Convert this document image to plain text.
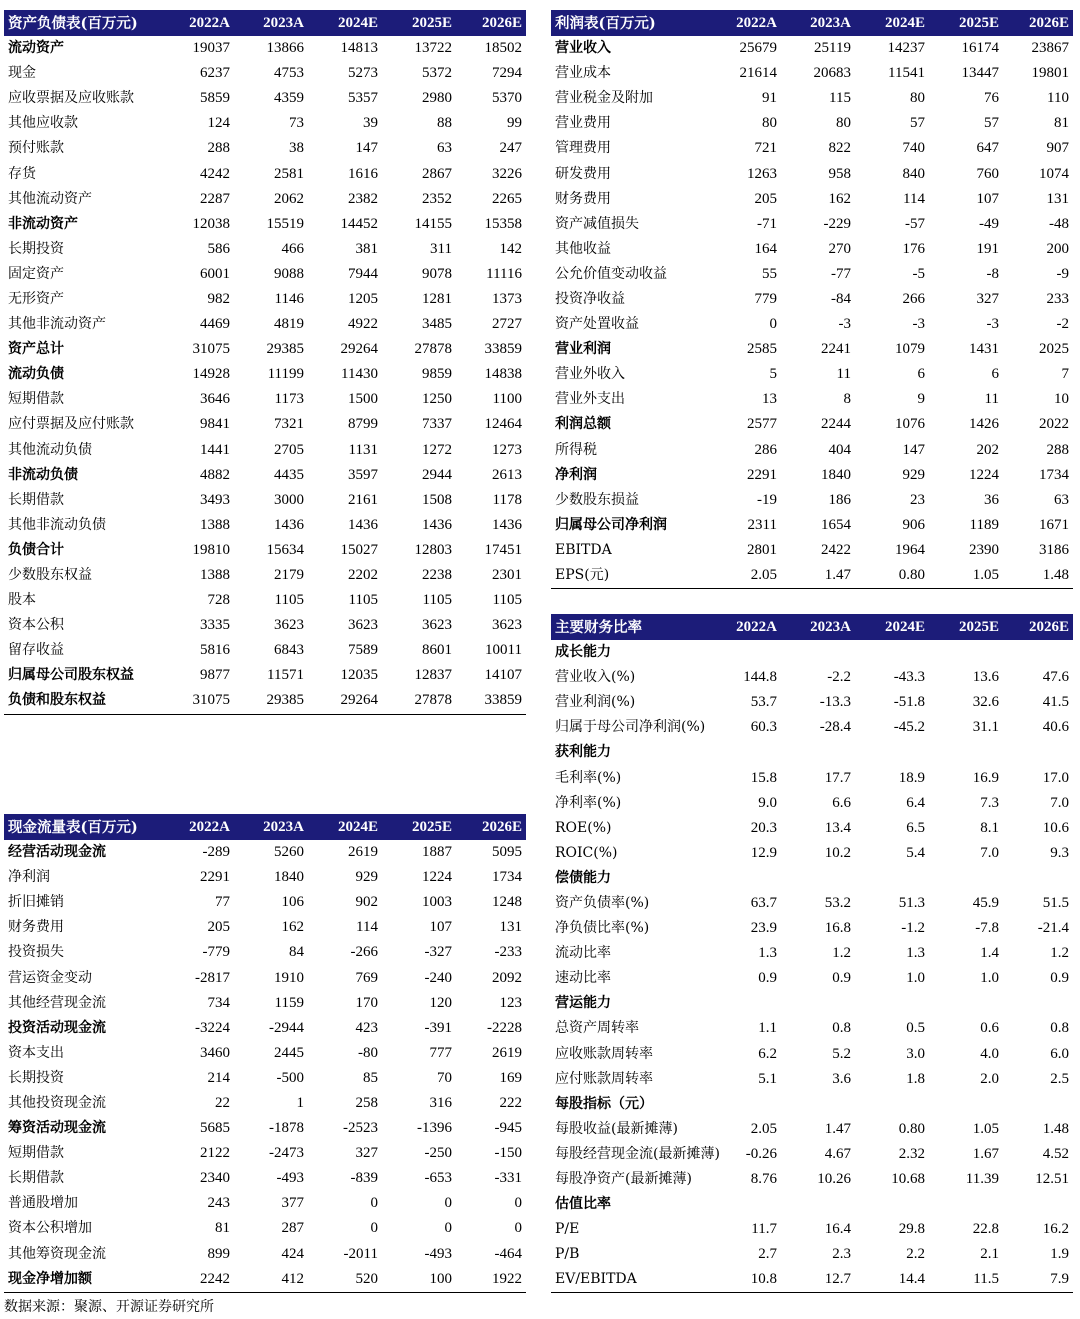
资产负债表(百万元)	2022A	2023A	2024E	2025E	2026E
流动资产	19037	13866	14813	13722	18502
现金	6237	4753	5273	5372	7294
应收票据及应收账款	5859	4359	5357	2980	5370
其他应收款	124	73	39	88	99
预付账款	288	38	147	63	247
存货	4242	2581	1616	2867	3226
其他流动资产	2287	2062	2382	2352	2265
非流动资产	12038	15519	14452	14155	15358
长期投资	586	466	381	311	142
固定资产	6001	9088	7944	9078	11116
无形资产	982	1146	1205	1281	1373
其他非流动资产	4469	4819	4922	3485	2727
资产总计	31075	29385	29264	27878	33859
流动负债	14928	11199	11430	9859	14838
短期借款	3646	1173	1500	1250	1100
应付票据及应付账款	9841	7321	8799	7337	12464
其他流动负债	1441	2705	1131	1272	1273
非流动负债	4882	4435	3597	2944	2613
长期借款	3493	3000	2161	1508	1178
其他非流动负债	1388	1436	1436	1436	1436
负债合计	19810	15634	15027	12803	17451
少数股东权益	1388	2179	2202	2238	2301
股本	728	1105	1105	1105	1105
资本公积	3335	3623	3623	3623	3623
留存收益	5816	6843	7589	8601	10011
归属母公司股东权益	9877	11571	12035	12837	14107
负债和股东权益	31075	29385	29264	27878	33859
利润表(百万元)	2022A	2023A	2024E	2025E	2026E
营业收入	25679	25119	14237	16174	23867
营业成本	21614	20683	11541	13447	19801
营业税金及附加	91	115	80	76	110
营业费用	80	80	57	57	81
管理费用	721	822	740	647	907
研发费用	1263	958	840	760	1074
财务费用	205	162	114	107	131
资产减值损失	-71	-229	-57	-49	-48
其他收益	164	270	176	191	200
公允价值变动收益	55	-77	-5	-8	-9
投资净收益	779	-84	266	327	233
资产处置收益	0	-3	-3	-3	-2
营业利润	2585	2241	1079	1431	2025
营业外收入	5	11	6	6	7
营业外支出	13	8	9	11	10
利润总额	2577	2244	1076	1426	2022
所得税	286	404	147	202	288
净利润	2291	1840	929	1224	1734
少数股东损益	-19	186	23	36	63
归属母公司净利润	2311	1654	906	1189	1671
EBITDA	2801	2422	1964	2390	3186
EPS(元)	2.05	1.47	0.80	1.05	1.48
现金流量表(百万元)	2022A	2023A	2024E	2025E	2026E
经营活动现金流	-289	5260	2619	1887	5095
净利润	2291	1840	929	1224	1734
折旧摊销	77	106	902	1003	1248
财务费用	205	162	114	107	131
投资损失	-779	84	-266	-327	-233
营运资金变动	-2817	1910	769	-240	2092
其他经营现金流	734	1159	170	120	123
投资活动现金流	-3224	-2944	423	-391	-2228
资本支出	3460	2445	-80	777	2619
长期投资	214	-500	85	70	169
其他投资现金流	22	1	258	316	222
筹资活动现金流	5685	-1878	-2523	-1396	-945
短期借款	2122	-2473	327	-250	-150
长期借款	2340	-493	-839	-653	-331
普通股增加	243	377	0	0	0
资本公积增加	81	287	0	0	0
其他筹资现金流	899	424	-2011	-493	-464
现金净增加额	2242	412	520	100	1922
主要财务比率	2022A	2023A	2024E	2025E	2026E
成长能力					
营业收入(%)	144.8	-2.2	-43.3	13.6	47.6
营业利润(%)	53.7	-13.3	-51.8	32.6	41.5
归属于母公司净利润(%)	60.3	-28.4	-45.2	31.1	40.6
获利能力					
毛利率(%)	15.8	17.7	18.9	16.9	17.0
净利率(%)	9.0	6.6	6.4	7.3	7.0
ROE(%)	20.3	13.4	6.5	8.1	10.6
ROIC(%)	12.9	10.2	5.4	7.0	9.3
偿债能力					
资产负债率(%)	63.7	53.2	51.3	45.9	51.5
净负债比率(%)	23.9	16.8	-1.2	-7.8	-21.4
流动比率	1.3	1.2	1.3	1.4	1.2
速动比率	0.9	0.9	1.0	1.0	0.9
营运能力					
总资产周转率	1.1	0.8	0.5	0.6	0.8
应收账款周转率	6.2	5.2	3.0	4.0	6.0
应付账款周转率	5.1	3.6	1.8	2.0	2.5
每股指标（元）					
每股收益(最新摊薄)	2.05	1.47	0.80	1.05	1.48
每股经营现金流(最新摊薄)	-0.26	4.67	2.32	1.67	4.52
每股净资产(最新摊薄)	8.76	10.26	10.68	11.39	12.51
估值比率					
P/E	11.7	16.4	29.8	22.8	16.2
P/B	2.7	2.3	2.2	2.1	1.9
EV/EBITDA	10.8	12.7	14.4	11.5	7.9
数据来源：聚源、开源证券研究所
